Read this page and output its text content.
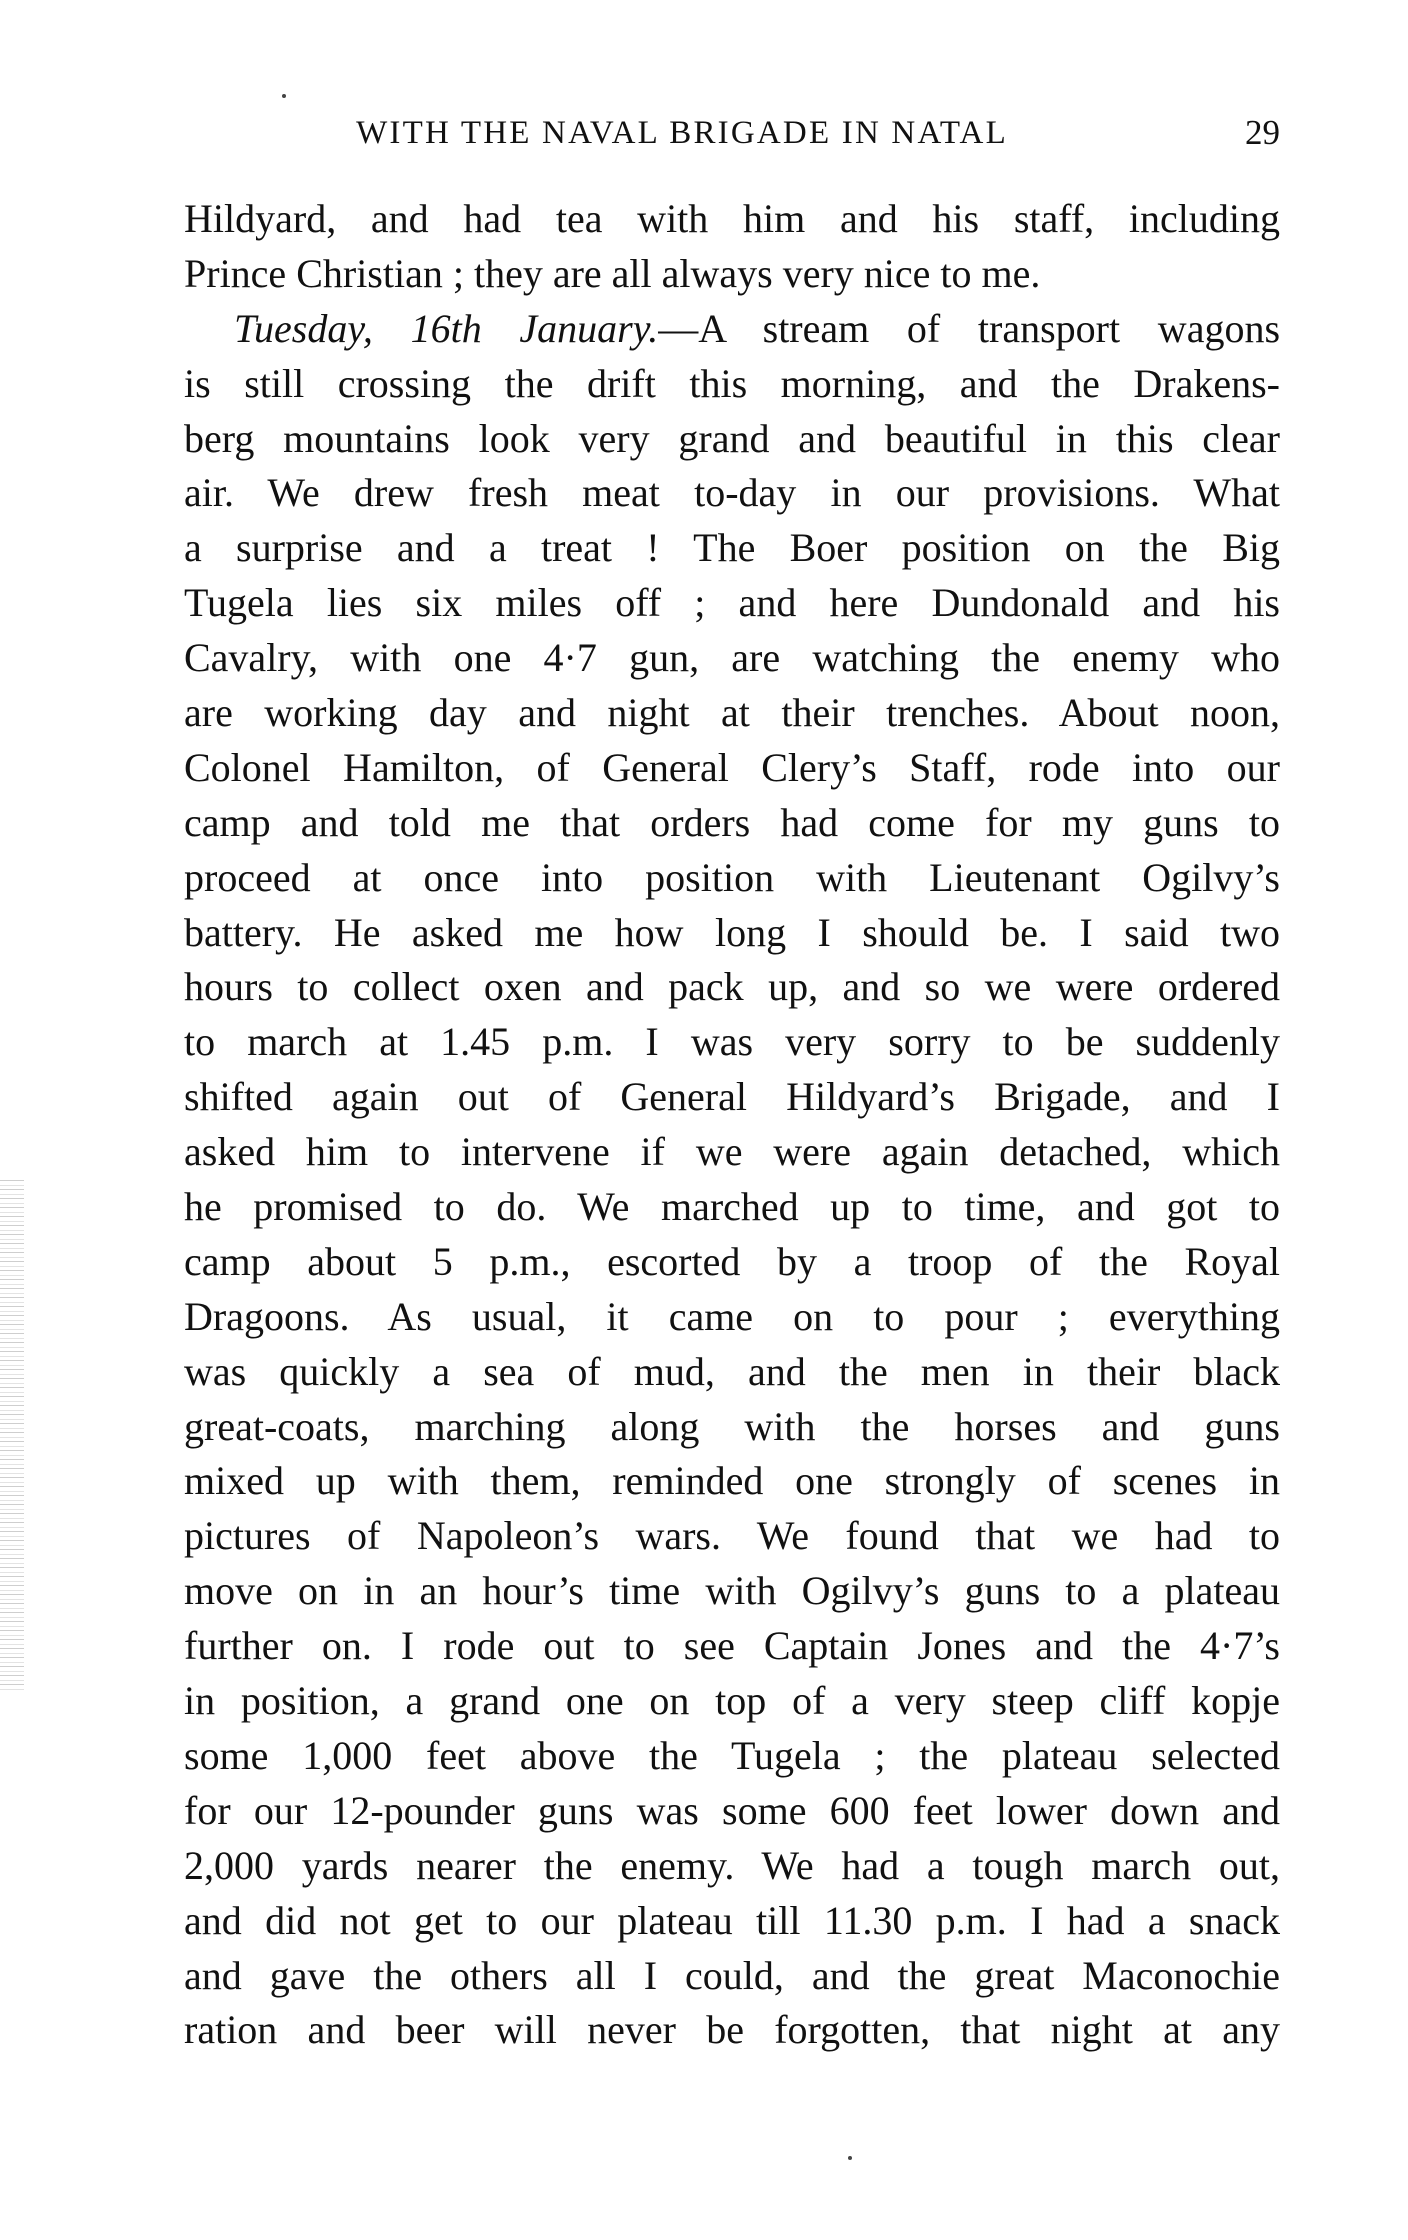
WITH THE NAVAL BRIGADE IN NATAL	29
Hildyard, and had tea with him and his staff, including
Prince Christian ; they are all always very nice to me.
Tuesday, 16th January.—A stream of transport wagons
is still crossing the drift this morning, and the Drakens-
berg mountains look very grand and beautiful in this clear
air. We drew fresh meat to-day in our provisions. What
a surprise and a treat ! The Boer position on the Big
Tugela lies six miles off ; and here Dundonald and his
Cavalry, with one 4·7 gun, are watching the enemy who
are working day and night at their trenches. About noon,
Colonel Hamilton, of General Clery’s Staff, rode into our
camp and told me that orders had come for my guns to
proceed at once into position with Lieutenant Ogilvy’s
battery. He asked me how long I should be. I said two
hours to collect oxen and pack up, and so we were ordered
to march at 1.45 p.m. I was very sorry to be suddenly
shifted again out of General Hildyard’s Brigade, and I
asked him to intervene if we were again detached, which
he promised to do. We marched up to time, and got to
camp about 5 p.m., escorted by a troop of the Royal
Dragoons. As usual, it came on to pour ; everything
was quickly a sea of mud, and the men in their black
great-coats, marching along with the horses and guns
mixed up with them, reminded one strongly of scenes in
pictures of Napoleon’s wars. We found that we had to
move on in an hour’s time with Ogilvy’s guns to a plateau
further on. I rode out to see Captain Jones and the 4·7’s
in position, a grand one on top of a very steep cliff kopje
some 1,000 feet above the Tugela ; the plateau selected
for our 12-pounder guns was some 600 feet lower down and
2,000 yards nearer the enemy. We had a tough march out,
and did not get to our plateau till 11.30 p.m. I had a snack
and gave the others all I could, and the great Maconochie
ration and beer will never be forgotten, that night at any
